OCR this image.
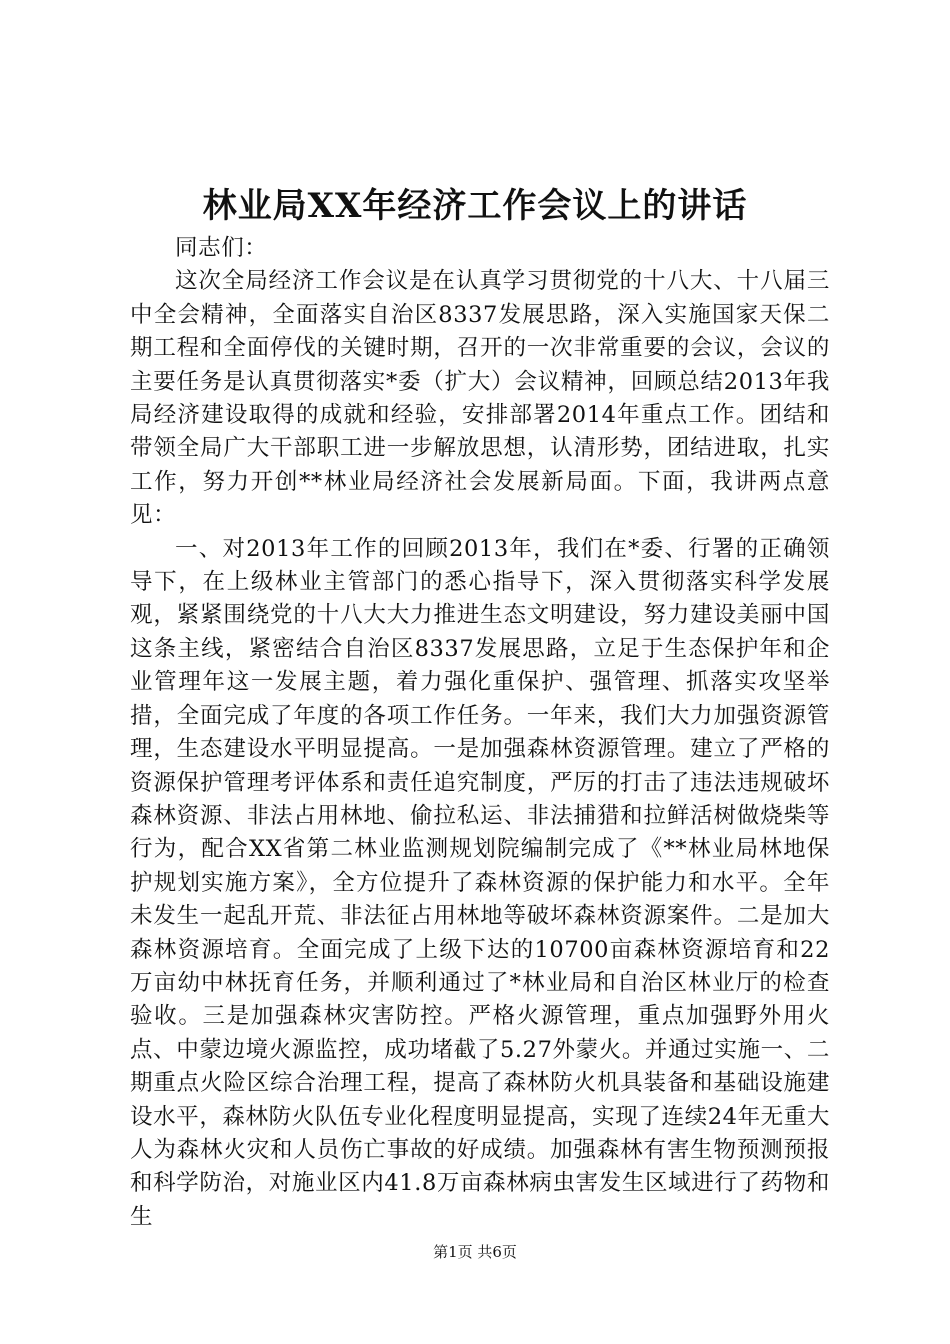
林业局XX年经济工作会议上的讲话

同志们：

这次全局经济工作会议是在认真学习贯彻党的十八大、十八届三中全会精神，全面落实自治区8337发展思路，深入实施国家天保二期工程和全面停伐的关键时期，召开的一次非常重要的会议，会议的主要任务是认真贯彻落实*委（扩大）会议精神，回顾总结2013年我局经济建设取得的成就和经验，安排部署2014年重点工作。团结和带领全局广大干部职工进一步解放思想，认清形势，团结进取，扎实工作，努力开创**林业局经济社会发展新局面。下面，我讲两点意见：

一、对2013年工作的回顾2013年，我们在*委、行署的正确领导下，在上级林业主管部门的悉心指导下，深入贯彻落实科学发展观，紧紧围绕党的十八大大力推进生态文明建设，努力建设美丽中国这条主线，紧密结合自治区8337发展思路，立足于生态保护年和企业管理年这一发展主题，着力强化重保护、强管理、抓落实攻坚举措，全面完成了年度的各项工作任务。一年来，我们大力加强资源管理，生态建设水平明显提高。一是加强森林资源管理。建立了严格的资源保护管理考评体系和责任追究制度，严厉的打击了违法违规破坏森林资源、非法占用林地、偷拉私运、非法捕猎和拉鲜活树做烧柴等行为，配合XX省第二林业监测规划院编制完成了《**林业局林地保护规划实施方案》，全方位提升了森林资源的保护能力和水平。全年未发生一起乱开荒、非法征占用林地等破坏森林资源案件。二是加大森林资源培育。全面完成了上级下达的10700亩森林资源培育和22万亩幼中林抚育任务，并顺利通过了*林业局和自治区林业厅的检查验收。三是加强森林灾害防控。严格火源管理，重点加强野外用火点、中蒙边境火源监控，成功堵截了5.27外蒙火。并通过实施一、二期重点火险区综合治理工程，提高了森林防火机具装备和基础设施建设水平，森林防火队伍专业化程度明显提高，实现了连续24年无重大人为森林火灾和人员伤亡事故的好成绩。加强森林有害生物预测预报和科学防治，对施业区内41.8万亩森林病虫害发生区域进行了药物和生

第1页 共6页
